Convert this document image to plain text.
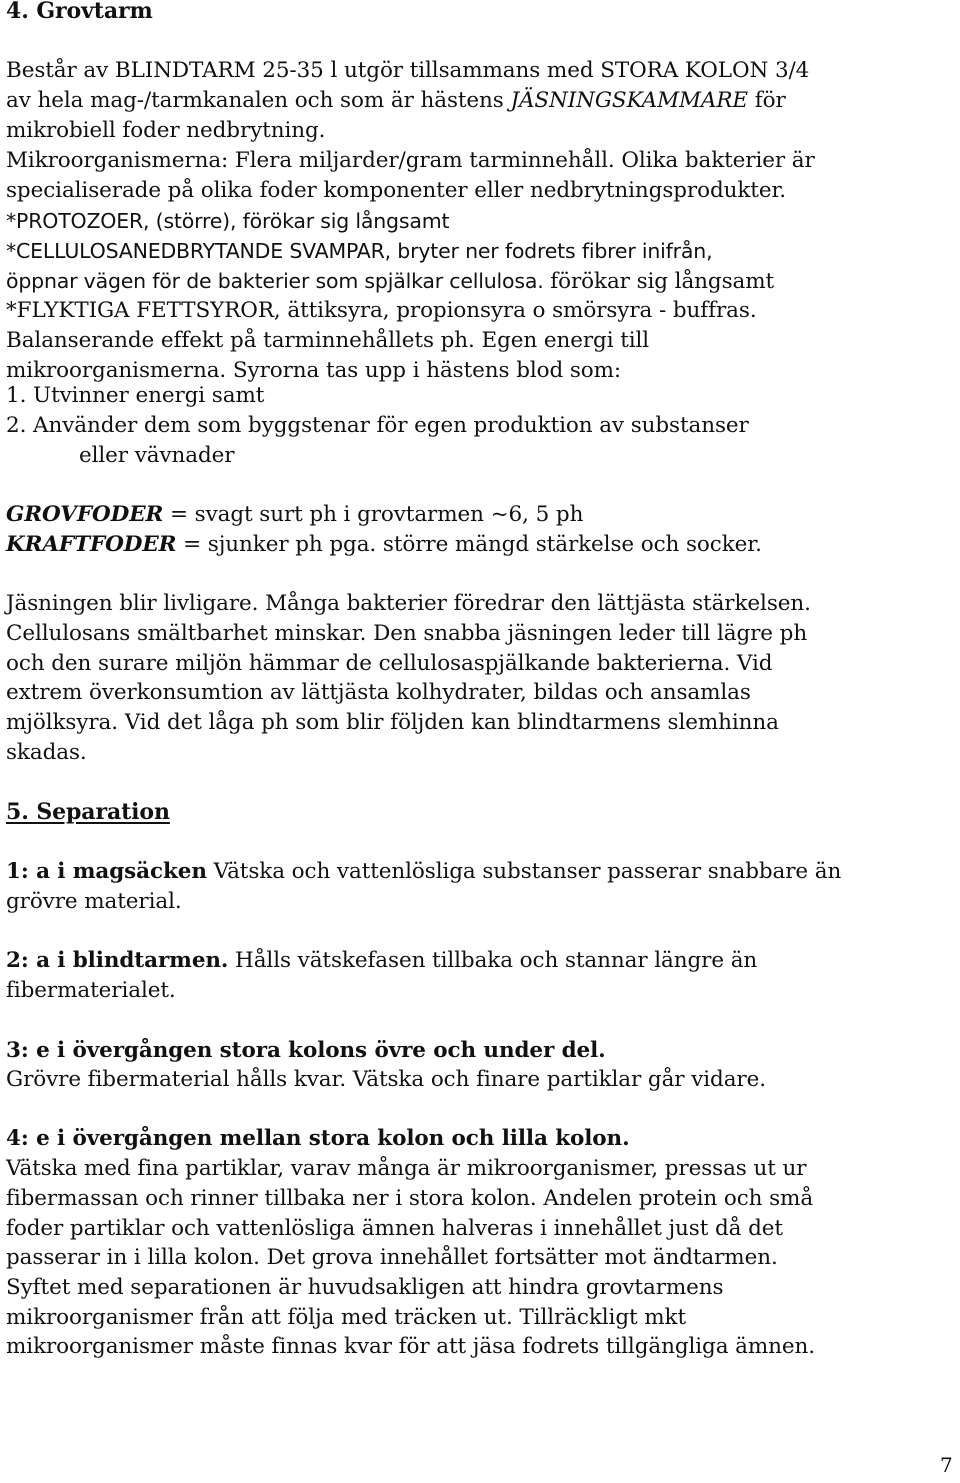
4. Grovtarm
Består av BLINDTARM 25-35 l utgör tillsammans med STORA KOLON 3/4
av hela mag-/tarmkanalen och som är hästens JÄSNINGSKAMMARE för
mikrobiell foder nedbrytning.
Mikroorganismerna: Flera miljarder/gram tarminnehåll. Olika bakterier är
specialiserade på olika foder komponenter eller nedbrytningsprodukter.
*PROTOZOER, (större), förökar sig långsamt
*CELLULOSANEDBRYTANDE SVAMPAR, bryter ner fodrets fibrer inifrån,
öppnar vägen för de bakterier som spjälkar cellulosa. förökar sig långsamt
*FLYKTIGA FETTSYROR, ättiksyra, propionsyra o smörsyra - buffras.
Balanserande effekt på tarminnehållets ph. Egen energi till
mikroorganismerna. Syrorna tas upp i hästens blod som:
1. Utvinner energi samt
2. Använder dem som byggstenar för egen produktion av substanser
eller vävnader
GROVFODER = svagt surt ph i grovtarmen ~6, 5 ph
KRAFTFODER = sjunker ph pga. större mängd stärkelse och socker.
Jäsningen blir livligare. Många bakterier föredrar den lättjästa stärkelsen.
Cellulosans smältbarhet minskar. Den snabba jäsningen leder till lägre ph
och den surare miljön hämmar de cellulosaspjälkande bakterierna. Vid
extrem överkonsumtion av lättjästa kolhydrater, bildas och ansamlas
mjölksyra. Vid det låga ph som blir följden kan blindtarmens slemhinna
skadas.
5. Separation
1: a i magsäcken Vätska och vattenlösliga substanser passerar snabbare än
grövre material.
2: a i blindtarmen. Hålls vätskefasen tillbaka och stannar längre än
fibermaterialet.
3: e i övergången stora kolons övre och under del.
Grövre fibermaterial hålls kvar. Vätska och finare partiklar går vidare.
4: e i övergången mellan stora kolon och lilla kolon.
Vätska med fina partiklar, varav många är mikroorganismer, pressas ut ur
fibermassan och rinner tillbaka ner i stora kolon. Andelen protein och små
foder partiklar och vattenlösliga ämnen halveras i innehållet just då det
passerar in i lilla kolon. Det grova innehållet fortsätter mot ändtarmen.
Syftet med separationen är huvudsakligen att hindra grovtarmens
mikroorganismer från att följa med träcken ut. Tillräckligt mkt
mikroorganismer måste finnas kvar för att jäsa fodrets tillgängliga ämnen.
7
